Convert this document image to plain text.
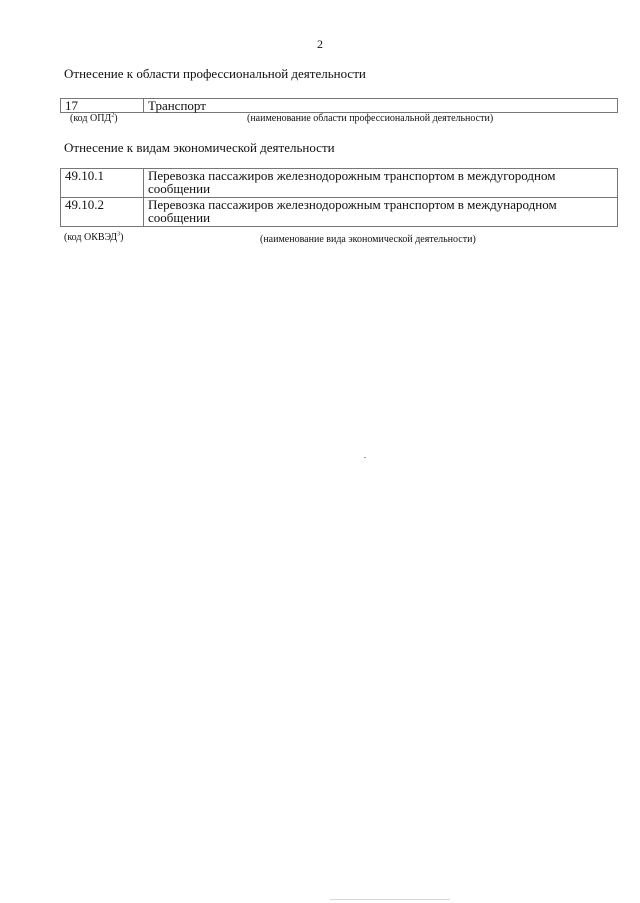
2
Отнесение к области профессиональной деятельности
17	Транспорт
(код ОПД$^2$)	(наименование области профессиональной деятельности)
Отнесение к видам экономической деятельности
49.10.1	Перевозка пассажиров железнодорожным транспортом в междугородном сообщении
49.10.2	Перевозка пассажиров железнодорожным транспортом в международном сообщении
(код ОКВЭД$^3$)	(наименование вида экономической деятельности)
